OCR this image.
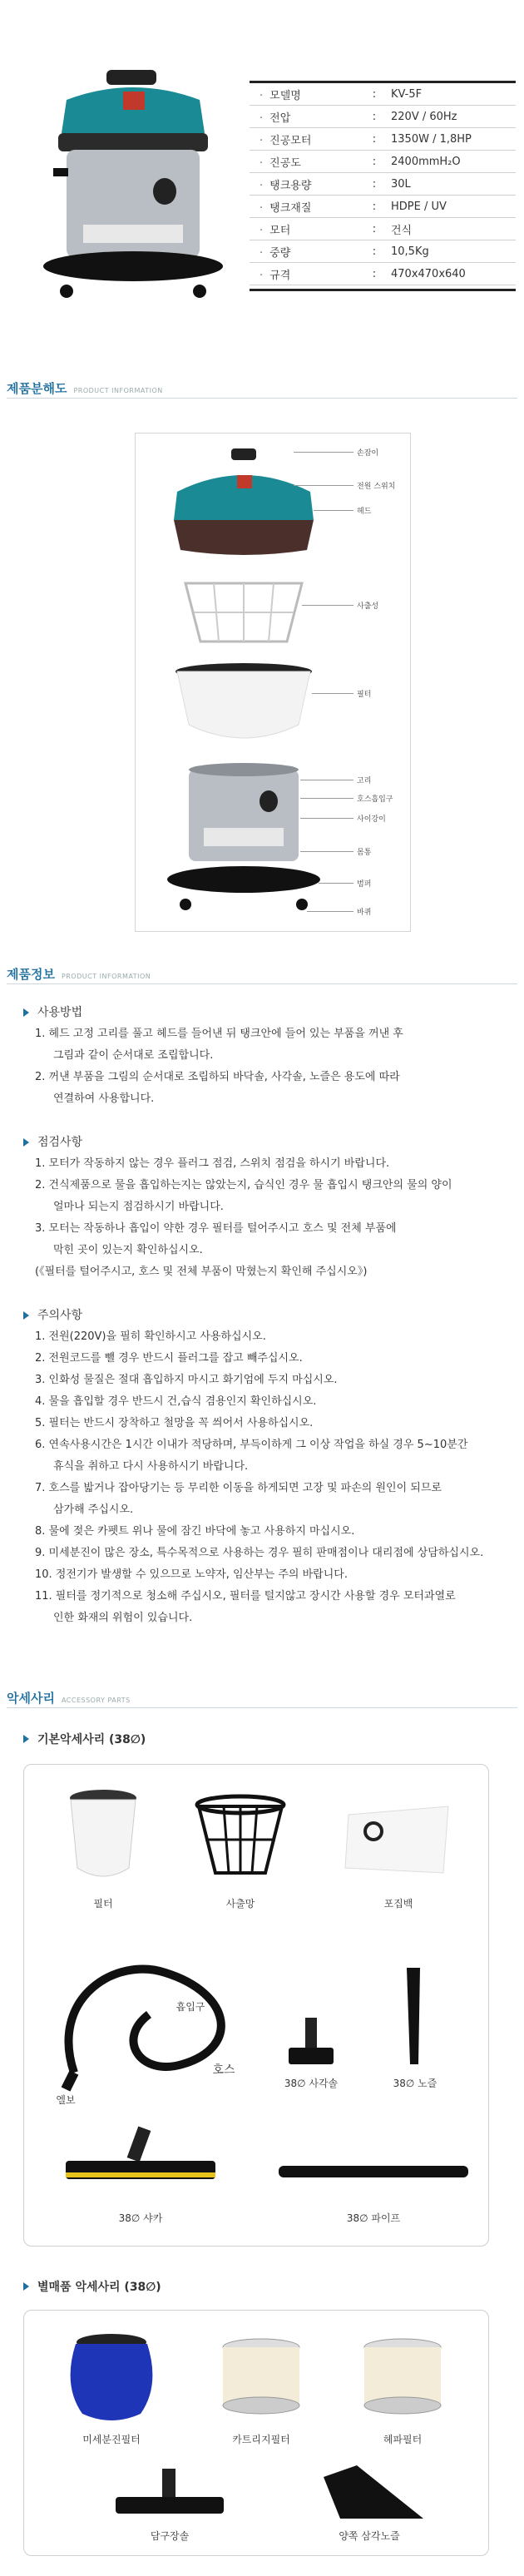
· 모델명	:	KV-5F
· 전압	:	220V / 60Hz
· 진공모터	:	1350W / 1,8HP
· 진공도	:	2400mmH₂O
· 탱크용량	:	30L
· 탱크재질	:	HDPE / UV
· 모터	:	건식
· 중량	:	10,5Kg
· 규격	:	470x470x640
제품분해도 PRODUCT INFORMATION
손잡이
전원 스위치
헤드
사출성
필터
고리
호스흡입구
사이강이
몸통
범퍼
바퀴
제품정보 PRODUCT INFORMATION
사용방법
1. 헤드 고정 고리를 풀고 헤드를 들어낸 뒤 탱크안에 들어 있는 부품을 꺼낸 후
그림과 같이 순서대로 조립합니다.
2. 꺼낸 부품을 그림의 순서대로 조립하되 바닥솔, 사각솔, 노즐은 용도에 따라
연결하여 사용합니다.
점검사항
1. 모터가 작동하지 않는 경우 플러그 점검, 스위치 점검을 하시기 바랍니다.
2. 건식제품으로 물을 흡입하는지는 않았는지, 습식인 경우 물 흡입시 탱크안의 물의 양이
얼마나 되는지 점검하시기 바랍니다.
3. 모터는 작동하나 흡입이 약한 경우 필터를 털어주시고 호스 및 전체 부품에
막힌 곳이 있는지 확인하십시오.
(《필터를 털어주시고, 호스 및 전체 부품이 막혔는지 확인해 주십시오》)
주의사항
1. 전원(220V)을 필히 확인하시고 사용하십시오.
2. 전원코드를 뺄 경우 반드시 플러그를 잡고 빼주십시오.
3. 인화성 물질은 절대 흡입하지 마시고 화기엄에 두지 마십시오.
4. 물을 흡입할 경우 반드시 건,습식 겸용인지 확인하십시오.
5. 필터는 반드시 장착하고 철망을 꼭 씌어서 사용하십시오.
6. 연속사용시간은 1시간 이내가 적당하며, 부득이하게 그 이상 작업을 하실 경우 5~10분간
휴식을 취하고 다시 사용하시기 바랍니다.
7. 호스를 밟거나 잡아당기는 등 무리한 이동을 하게되면 고장 및 파손의 원인이 되므로
삼가해 주십시오.
8. 물에 젖은 카펫트 위나 물에 잠긴 바닥에 놓고 사용하지 마십시오.
9. 미세분진이 많은 장소, 특수목적으로 사용하는 경우 필히 판매점이나 대리점에 상담하십시오.
10. 정전기가 발생할 수 있으므로 노약자, 임산부는 주의 바랍니다.
11. 필터를 정기적으로 청소해 주십시오, 필터를 털지않고 장시간 사용할 경우 모터과열로
인한 화재의 위험이 있습니다.
악세사리 ACCESSORY PARTS
기본악세사리 (38∅)
필터	사출망	포집백
흡입구
호스
엘보
38∅ 사각솔	38∅ 노즐
38∅ 샤카	38∅ 파이프
별매품 악세사리 (38∅)
미세분진필터	카트리지필터	헤파필터
담구장솔	양쪽 삼각노즐
